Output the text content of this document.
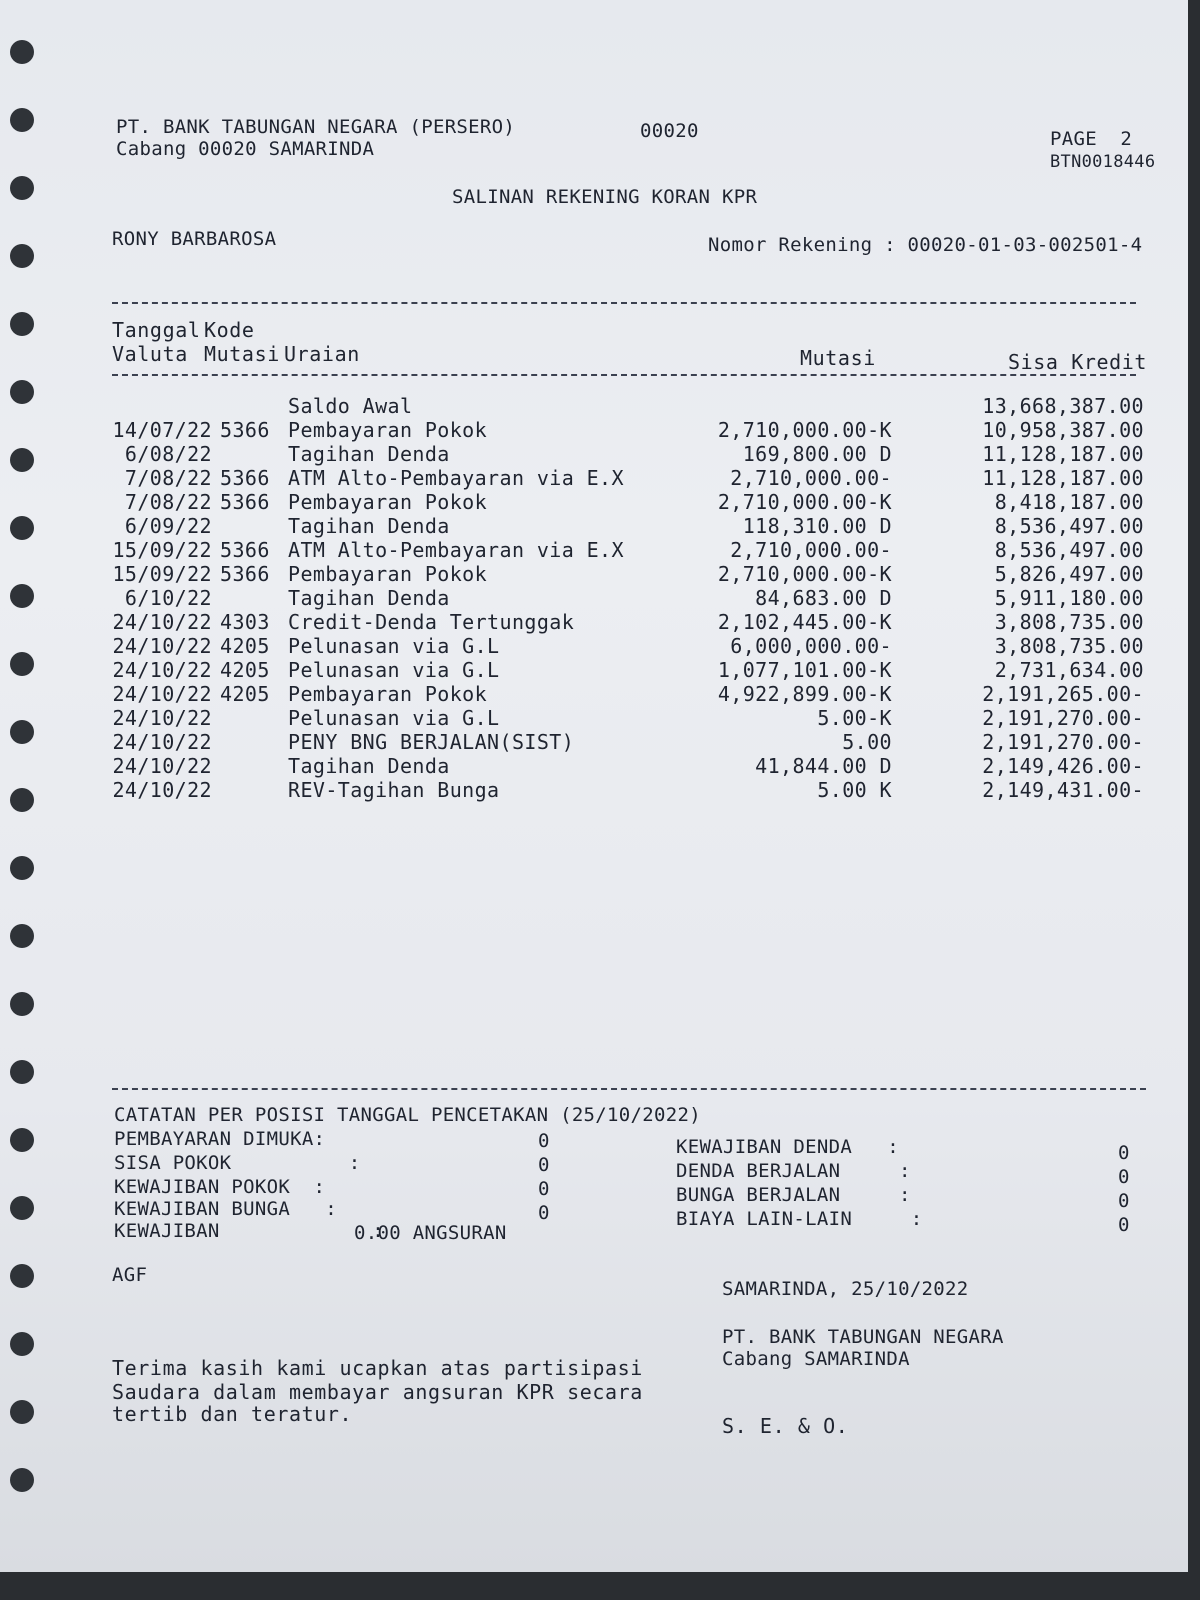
PT. BANK TABUNGAN NEGARA (PERSERO)
Cabang 00020 SAMARINDA
00020	PAGE  2
BTN0018446
SALINAN REKENING KORAN KPR
RONY BARBAROSA	Nomor Rekening : 00020-01-03-002501-4
Tanggal Kode
Valuta Mutasi Uraian	Mutasi	Sisa Kredit
Saldo Awal	13,668,387.00
14/07/22 5366 Pembayaran Pokok	2,710,000.00-K	10,958,387.00
6/08/22	Tagihan Denda	169,800.00 D	11,128,187.00
7/08/22 5366 ATM Alto-Pembayaran via E.X	2,710,000.00-	11,128,187.00
7/08/22 5366 Pembayaran Pokok	2,710,000.00-K	8,418,187.00
6/09/22	Tagihan Denda	118,310.00 D	8,536,497.00
15/09/22 5366 ATM Alto-Pembayaran via E.X	2,710,000.00-	8,536,497.00
15/09/22 5366 Pembayaran Pokok	2,710,000.00-K	5,826,497.00
6/10/22	Tagihan Denda	84,683.00 D	5,911,180.00
24/10/22 4303 Credit-Denda Tertunggak	2,102,445.00-K	3,808,735.00
24/10/22 4205 Pelunasan via G.L	6,000,000.00-	3,808,735.00
24/10/22 4205 Pelunasan via G.L	1,077,101.00-K	2,731,634.00
24/10/22 4205 Pembayaran Pokok	4,922,899.00-K	2,191,265.00-
24/10/22	Pelunasan via G.L	5.00-K	2,191,270.00-
24/10/22	PENY BNG BERJALAN(SIST)	5.00	2,191,270.00-
24/10/22	Tagihan Denda	41,844.00 D	2,149,426.00-
24/10/22	REV-Tagihan Bunga	5.00 K	2,149,431.00-
CATATAN PER POSISI TANGGAL PENCETAKAN (25/10/2022)
PEMBAYARAN DIMUKA:	0
SISA POKOK          :	0
KEWAJIBAN POKOK  :	0
KEWAJIBAN BUNGA   :	0
KEWAJIBAN             :
0.00 ANGSURAN
KEWAJIBAN DENDA   :	0
DENDA BERJALAN     :	0
BUNGA BERJALAN     :	0
BIAYA LAIN-LAIN     :	0
AGF
SAMARINDA, 25/10/2022
PT. BANK TABUNGAN NEGARA
Cabang SAMARINDA
Terima kasih kami ucapkan atas partisipasi
Saudara dalam membayar angsuran KPR secara
tertib dan teratur.	S. E. & O.
